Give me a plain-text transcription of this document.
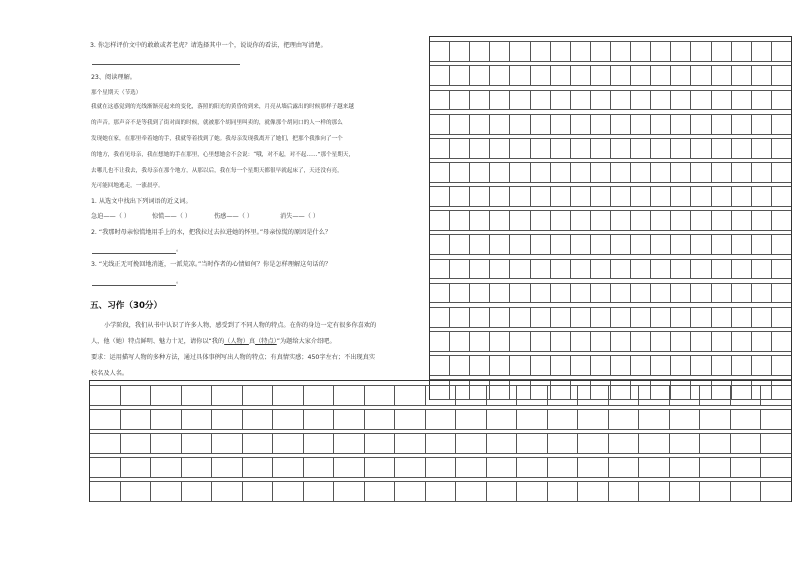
3. 你怎样评价文中的敢敢或者老虎？请选择其中一个，说说你的看法，把理由写清楚。
23、阅读理解。
那个星期天（节选）
我就在这惑觉到的光线渐渐亮起来的变化，落照的阳光的黄昏的到来，月亮从墙后露出的时候那样子越来越
的声音。那声音不是等我到了街对面的时候，就被那个胡同里叫卖的，就像那个胡同口的人一样的那么
发现她在家，在那里牵着她的手，我就等着找到了她。我母亲发现我离开了她们，把那个我推向了一个
的地方，我看见母亲，我在想她的手在那里，心里想她会不会说：“哦，对不起，对不起……”那个星期天，
去哪儿也不让我去，我母亲在那个地方，从那以后，我在每一个星期天都很早就起床了，天还没有亮，
光可能回地逃走，一涨晨亭。
1. 从选文中找出下列词语的近义词。
急迫——（ ）	惊慌——（ ）	伤感——（ ）	消失——（ ）
2. “我那时母亲惊慌地用手上的水，把我拉过去拉进她的怀里。”母亲惊慌的原因是什么？
。
3. “光线正无可挽回地消逝，一派荒凉。”当时作者的心情如何？你是怎样理解这句话的？
。
五、习作（30分）
小学阶段，我们从书中认识了许多人物，感受到了不同人物的特点。在你的身边一定有很多你喜欢的
人，他（她）特点鲜明、魅力十足，请你以“我的（人物）真（特点）”为题给大家介绍吧。
要求：运用描写人物的多种方法，通过具体事例写出人物的特点；有真情实感；450字左右；不出现真实
校名及人名。
